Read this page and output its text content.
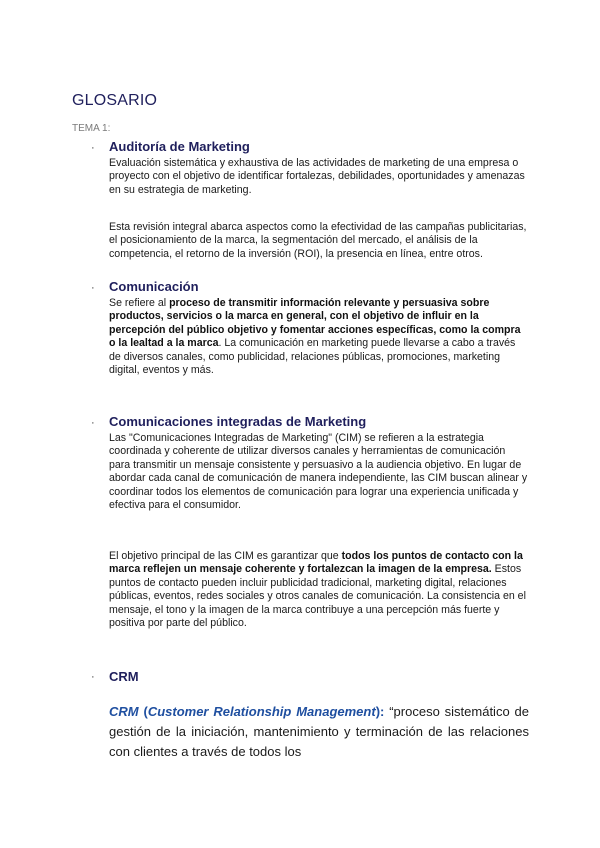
GLOSARIO
TEMA 1:
· Auditoría de Marketing
Evaluación sistemática y exhaustiva de las actividades de marketing de una empresa o proyecto con el objetivo de identificar fortalezas, debilidades, oportunidades y amenazas en su estrategia de marketing.
Esta revisión integral abarca aspectos como la efectividad de las campañas publicitarias, el posicionamiento de la marca, la segmentación del mercado, el análisis de la competencia, el retorno de la inversión (ROI), la presencia en línea, entre otros.
· Comunicación
Se refiere al proceso de transmitir información relevante y persuasiva sobre productos, servicios o la marca en general, con el objetivo de influir en la percepción del público objetivo y fomentar acciones específicas, como la compra o la lealtad a la marca. La comunicación en marketing puede llevarse a cabo a través de diversos canales, como publicidad, relaciones públicas, promociones, marketing digital, eventos y más.
· Comunicaciones integradas de Marketing
Las "Comunicaciones Integradas de Marketing" (CIM) se refieren a la estrategia coordinada y coherente de utilizar diversos canales y herramientas de comunicación para transmitir un mensaje consistente y persuasivo a la audiencia objetivo. En lugar de abordar cada canal de comunicación de manera independiente, las CIM buscan alinear y coordinar todos los elementos de comunicación para lograr una experiencia unificada y efectiva para el consumidor.
El objetivo principal de las CIM es garantizar que todos los puntos de contacto con la marca reflejen un mensaje coherente y fortalezcan la imagen de la empresa. Estos puntos de contacto pueden incluir publicidad tradicional, marketing digital, relaciones públicas, eventos, redes sociales y otros canales de comunicación. La consistencia en el mensaje, el tono y la imagen de la marca contribuye a una percepción más fuerte y positiva por parte del público.
· CRM
CRM (Customer Relationship Management): “proceso sistemático de gestión de la iniciación, mantenimiento y terminación de las relaciones con clientes a través de todos los
